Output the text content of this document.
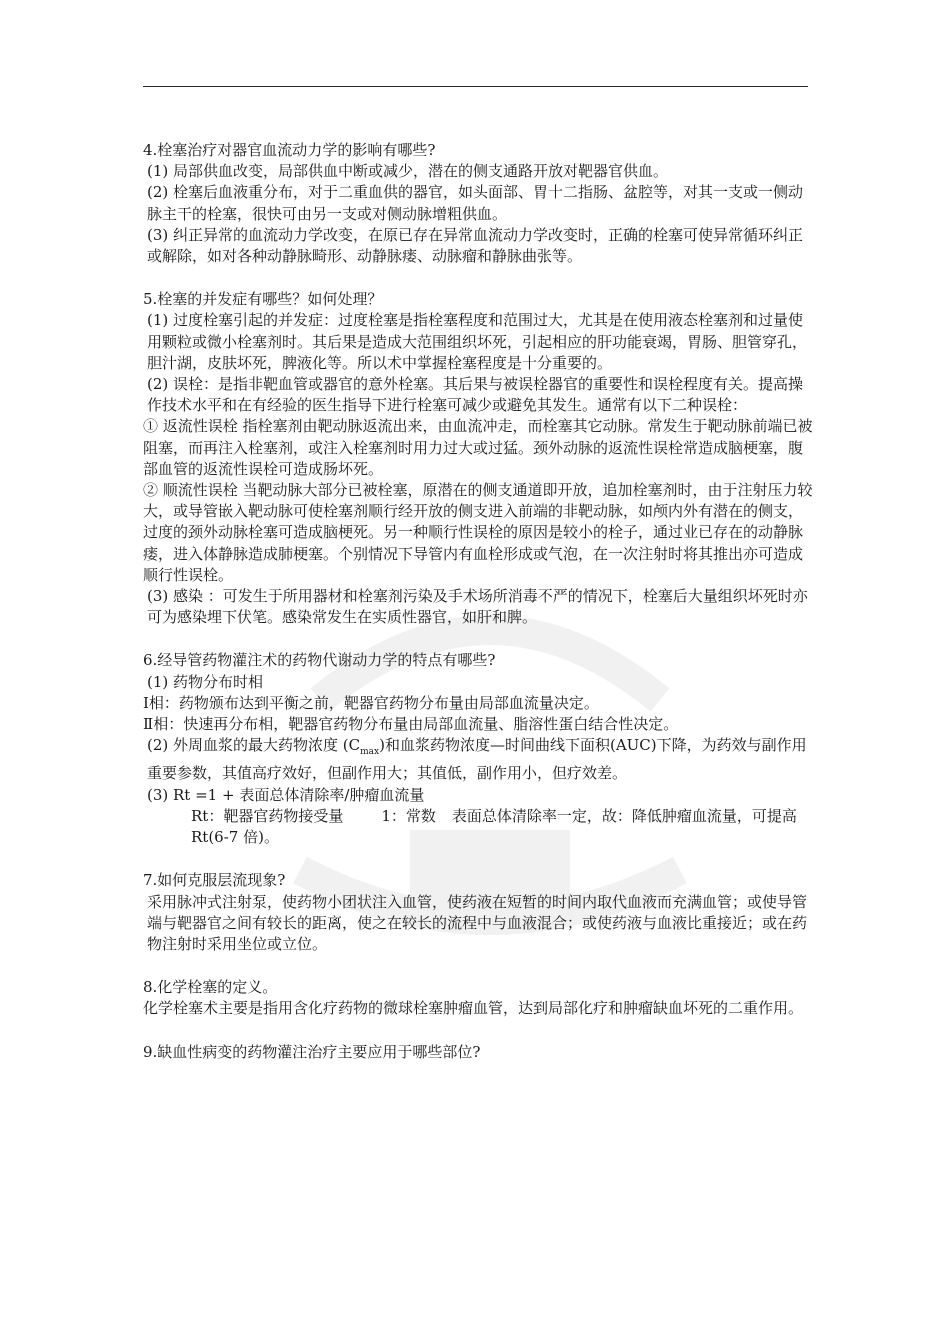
4.栓塞治疗对器官血流动力学的影响有哪些?

(1) 局部供血改变，局部供血中断或减少，潜在的侧支通路开放对靶器官供血。

(2) 栓塞后血液重分布，对于二重血供的器官，如头面部、胃十二指肠、盆腔等，对其一支或一侧动脉主干的栓塞，很快可由另一支或对侧动脉增粗供血。

(3) 纠正异常的血流动力学改变，在原已存在异常血流动力学改变时，正确的栓塞可使异常循环纠正或解除，如对各种动静脉畸形、动静脉瘘、动脉瘤和静脉曲张等。

5.栓塞的并发症有哪些？如何处理？

(1) 过度栓塞引起的并发症：过度栓塞是指栓塞程度和范围过大，尤其是在使用液态栓塞剂和过量使用颗粒或微小栓塞剂时。其后果是造成大范围组织坏死，引起相应的肝功能衰竭，胃肠、胆管穿孔，胆汁湖，皮肤坏死，脾液化等。所以术中掌握栓塞程度是十分重要的。

(2) 误栓：是指非靶血管或器官的意外栓塞。其后果与被误栓器官的重要性和误栓程度有关。提高操作技术水平和在有经验的医生指导下进行栓塞可减少或避免其发生。通常有以下二种误栓：

① 返流性误栓 指栓塞剂由靶动脉返流出来，由血流冲走，而栓塞其它动脉。常发生于靶动脉前端已被阻塞，而再注入栓塞剂，或注入栓塞剂时用力过大或过猛。颈外动脉的返流性误栓常造成脑梗塞，腹部血管的返流性误栓可造成肠坏死。

② 顺流性误栓 当靶动脉大部分已被栓塞，原潜在的侧支通道即开放，追加栓塞剂时，由于注射压力较大，或导管嵌入靶动脉可使栓塞剂顺行经开放的侧支进入前端的非靶动脉，如颅内外有潜在的侧支，过度的颈外动脉栓塞可造成脑梗死。另一种顺行性误栓的原因是较小的栓子，通过业已存在的动静脉瘘，进入体静脉造成肺梗塞。个别情况下导管内有血栓形成或气泡，在一次注射时将其推出亦可造成顺行性误栓。

(3) 感染 ：可发生于所用器材和栓塞剂污染及手术场所消毒不严的情况下，栓塞后大量组织坏死时亦可为感染埋下伏笔。感染常发生在实质性器官，如肝和脾。

6.经导管药物灌注术的药物代谢动力学的特点有哪些?

(1) 药物分布时相

Ⅰ相：药物颁布达到平衡之前，靶器官药物分布量由局部血流量决定。

Ⅱ相：快速再分布相，靶器官药物分布量由局部血流量、脂溶性蛋白结合性决定。

(2) 外周血浆的最大药物浓度 $(C_{max})$和血浆药物浓度—时间曲线下面积(AUC)下降，为药效与副作用重要参数，其值高疗效好，但副作用大；其值低，副作用小，但疗效差。

(3) Rt =1 + 表面总体清除率/肿瘤血流量

Rt：靶器官药物接受量	1：常数 表面总体清除率一定，故：降低肿瘤血流量，可提高 Rt(6-7 倍)。

7.如何克服层流现象?

采用脉冲式注射泵，使药物小团状注入血管，使药液在短暂的时间内取代血液而充满血管；或使导管端与靶器官之间有较长的距离，使之在较长的流程中与血液混合；或使药液与血液比重接近；或在药物注射时采用坐位或立位。

8.化学栓塞的定义。

化学栓塞术主要是指用含化疗药物的微球栓塞肿瘤血管，达到局部化疗和肿瘤缺血坏死的二重作用。

9.缺血性病变的药物灌注治疗主要应用于哪些部位?
